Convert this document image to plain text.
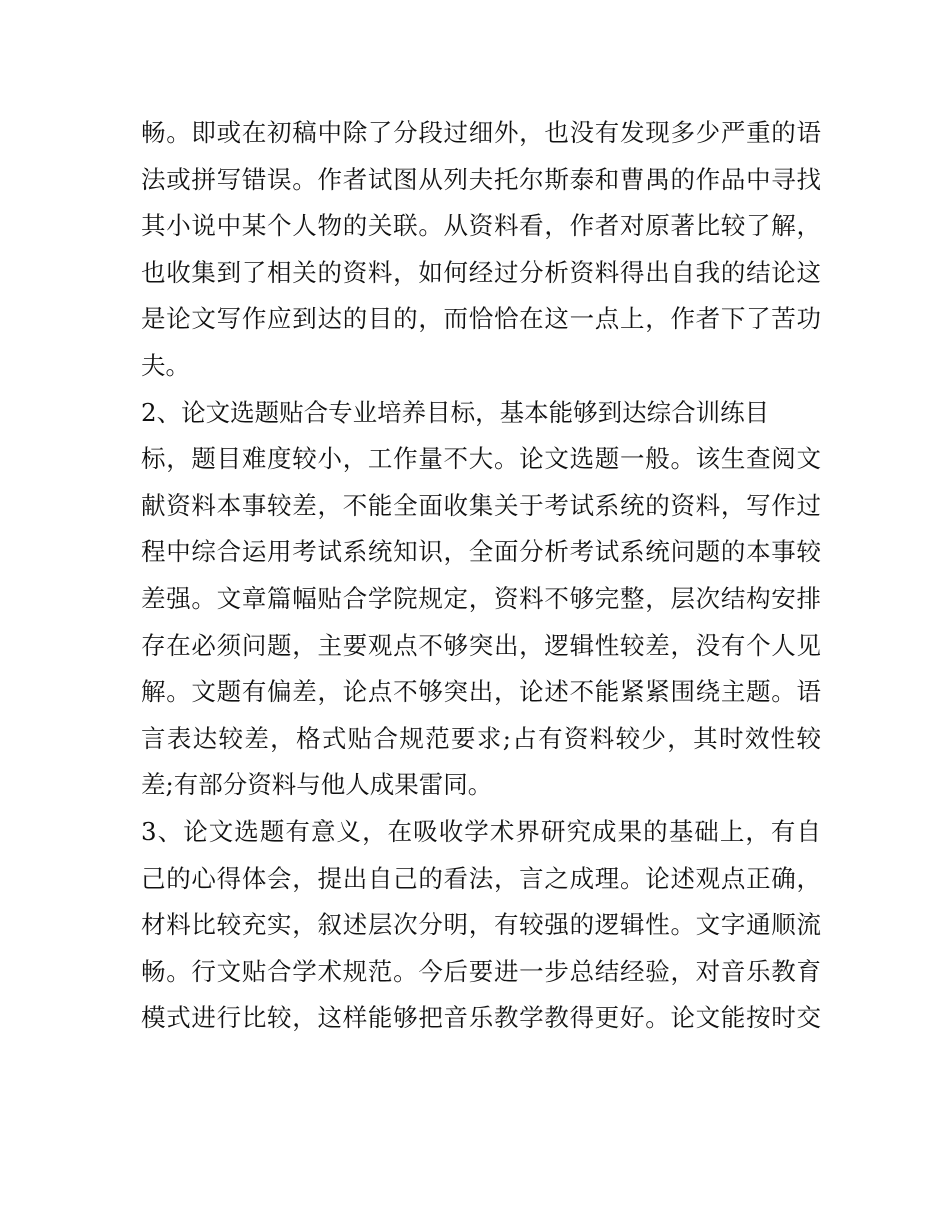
畅。即或在初稿中除了分段过细外，也没有发现多少严重的语
法或拼写错误。作者试图从列夫托尔斯泰和曹禺的作品中寻找
其小说中某个人物的关联。从资料看，作者对原著比较了解，
也收集到了相关的资料，如何经过分析资料得出自我的结论这
是论文写作应到达的目的，而恰恰在这一点上，作者下了苦功
夫。
2、论文选题贴合专业培养目标，基本能够到达综合训练目
标，题目难度较小，工作量不大。论文选题一般。该生查阅文
献资料本事较差，不能全面收集关于考试系统的资料，写作过
程中综合运用考试系统知识，全面分析考试系统问题的本事较
差强。文章篇幅贴合学院规定，资料不够完整，层次结构安排
存在必须问题，主要观点不够突出，逻辑性较差，没有个人见
解。文题有偏差，论点不够突出，论述不能紧紧围绕主题。语
言表达较差，格式贴合规范要求;占有资料较少，其时效性较
差;有部分资料与他人成果雷同。
3、论文选题有意义，在吸收学术界研究成果的基础上，有自
己的心得体会，提出自己的看法，言之成理。论述观点正确，
材料比较充实，叙述层次分明，有较强的逻辑性。文字通顺流
畅。行文贴合学术规范。今后要进一步总结经验，对音乐教育
模式进行比较，这样能够把音乐教学教得更好。论文能按时交
